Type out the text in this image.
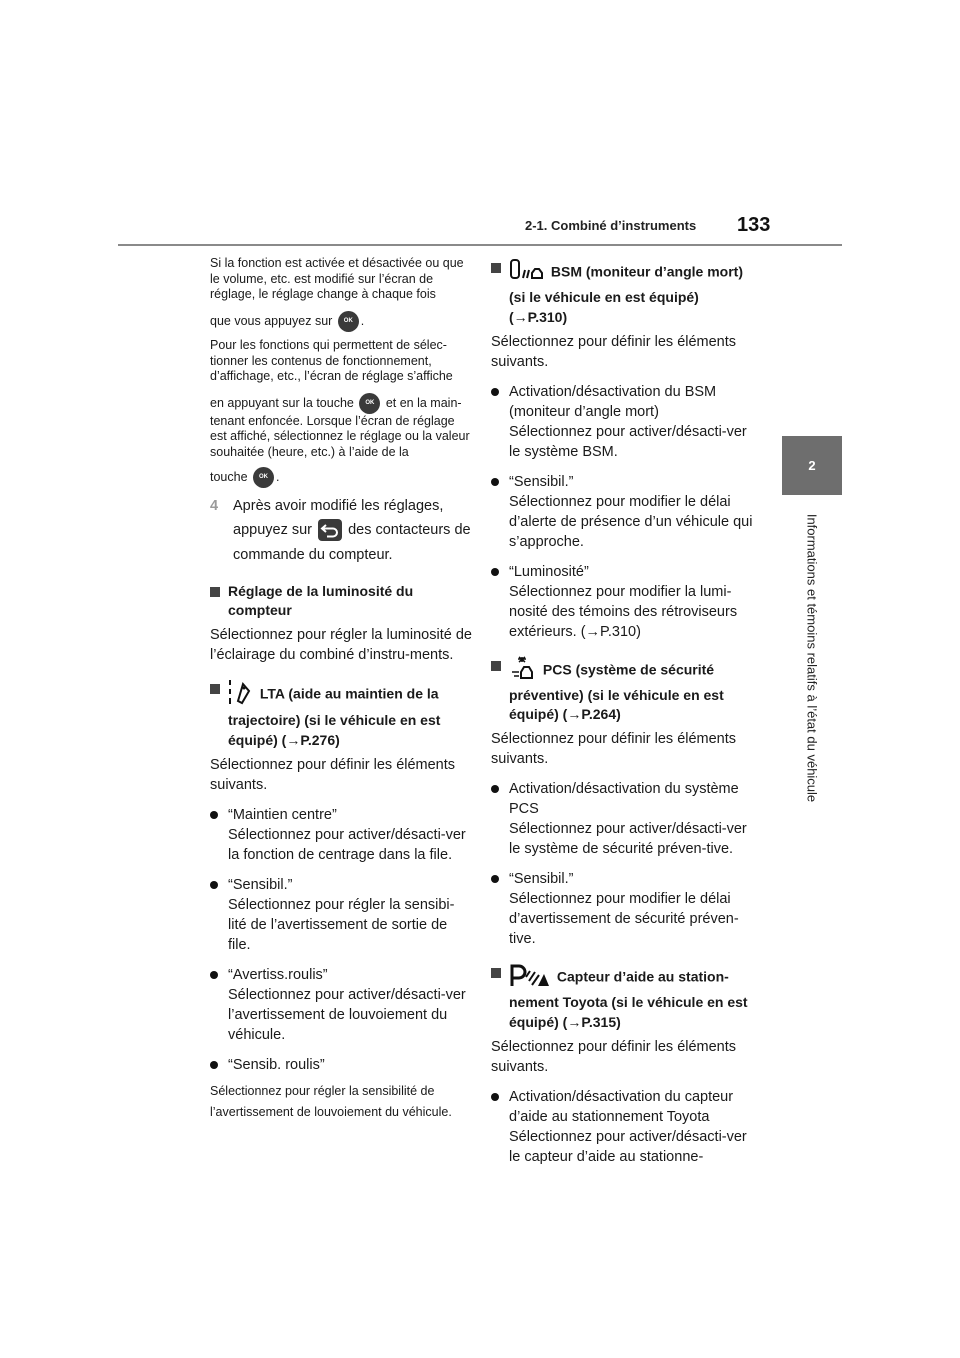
2-1. Combiné d’instruments 133
2
Informations et témoins relatifs à l’état du véhicule

Si la fonction est activée et désactivée ou que le volume, etc. est modifié sur l’écran de réglage, le réglage change à chaque fois
que vous appuyez sur OK .

Pour les fonctions qui permettent de sélec-tionner les contenus de fonctionnement, d’affichage, etc., l’écran de réglage s’affiche
en appuyant sur la touche OK et en la main-tenant enfoncée. Lorsque l’écran de réglage est affiché, sélectionnez le réglage ou la valeur souhaitée (heure, etc.) à l’aide de la
touche OK .

4	Après avoir modifié les réglages, appuyez sur des contacteurs de commande du compteur.
Réglage de la luminosité du compteur

Sélectionnez pour régler la luminosité de l’éclairage du combiné d’instru-ments.

LTA (aide au maintien de la trajectoire) (si le véhicule en est équipé) (→P.276)

Sélectionnez pour définir les éléments suivants.

“Maintien centre”
Sélectionnez pour activer/désacti-ver la fonction de centrage dans la file.
“Sensibil.”
Sélectionnez pour régler la sensibi-lité de l’avertissement de sortie de file.
“Avertiss.roulis”
Sélectionnez pour activer/désacti-ver l’avertissement de louvoiement du véhicule.
“Sensib. roulis”

Sélectionnez pour régler la sensibilité de l’avertissement de louvoiement du véhicule.

BSM (moniteur d’angle mort) (si le véhicule en est équipé) (→P.310)

Sélectionnez pour définir les éléments suivants.

Activation/désactivation du BSM (moniteur d’angle mort)
Sélectionnez pour activer/désacti-ver le système BSM.
“Sensibil.”
Sélectionnez pour modifier le délai d’alerte de présence d’un véhicule qui s’approche.
“Luminosité”
Sélectionnez pour modifier la lumi-nosité des témoins des rétroviseurs extérieurs. (→P.310)
PCS (système de sécurité préventive) (si le véhicule en est équipé) (→P.264)

Sélectionnez pour définir les éléments suivants.

Activation/désactivation du système PCS
Sélectionnez pour activer/désacti-ver le système de sécurité préven-tive.
“Sensibil.”
Sélectionnez pour modifier le délai d’avertissement de sécurité préven-tive.
Capteur d’aide au station-nement Toyota (si le véhicule en est équipé) (→P.315)

Sélectionnez pour définir les éléments suivants.

Activation/désactivation du capteur d’aide au stationnement Toyota
Sélectionnez pour activer/désacti-ver le capteur d’aide au stationne-
